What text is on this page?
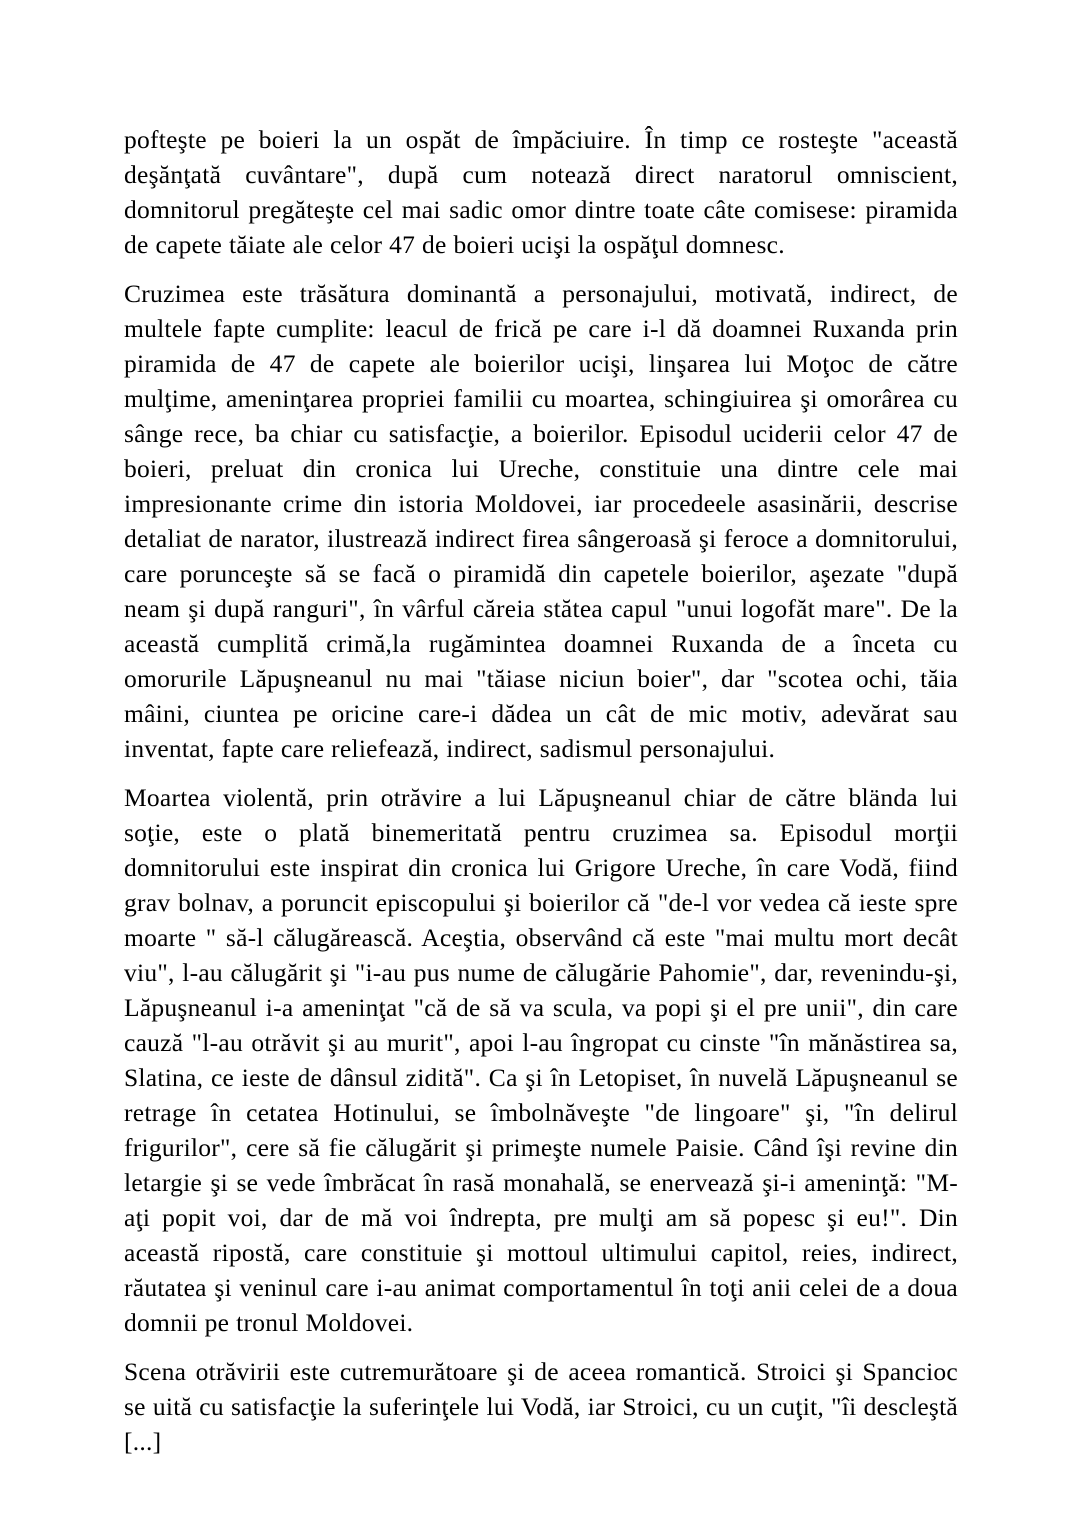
pofteşte pe boieri la un ospăt de împăciuire. În timp ce rosteşte "această deşănţată cuvântare", după cum notează direct naratorul omniscient, domnitorul pregăteşte cel mai sadic omor dintre toate câte comisese: piramida de capete tăiate ale celor 47 de boieri ucişi la ospăţul domnesc.

Cruzimea este trăsătura dominantă a personajului, motivată, indirect, de multele fapte cumplite: leacul de frică pe care i-l dă doamnei Ruxanda prin piramida de 47 de capete ale boierilor ucişi, linşarea lui Moţoc de către mulţime, ameninţarea propriei familii cu moartea, schingiuirea şi omorârea cu sânge rece, ba chiar cu satisfacţie, a boierilor. Episodul uciderii celor 47 de boieri, preluat din cronica lui Ureche, constituie una dintre cele mai impresionante crime din istoria Moldovei, iar procedeele asasinării, descrise detaliat de narator, ilustrează indirect firea sângeroasă şi feroce a domnitorului, care porunceşte să se facă o piramidă din capetele boierilor, aşezate "după neam şi după ranguri", în vârful căreia stătea capul "unui logofăt mare". De la această cumplită crimă,la rugămintea doamnei Ruxanda de a înceta cu omorurile Lăpuşneanul nu mai "tăiase niciun boier", dar "scotea ochi, tăia mâini, ciuntea pe oricine care-i dădea un cât de mic motiv, adevărat sau inventat, fapte care reliefează, indirect, sadismul personajului.

Moartea violentă, prin otrăvire a lui Lăpuşneanul chiar de către blända lui soţie, este o plată binemeritată pentru cruzimea sa. Episodul morţii domnitorului este inspirat din cronica lui Grigore Ureche, în care Vodă, fiind grav bolnav, a poruncit episcopului şi boierilor că "de-l vor vedea că ieste spre moarte " să-l călugărească. Aceştia, observând că este "mai multu mort decât viu", l-au călugărit şi "i-au pus nume de călugărie Pahomie", dar, revenindu-şi, Lăpuşneanul i-a ameninţat "că de să va scula, va popi şi el pre unii", din care cauză "l-au otrăvit şi au murit", apoi l-au îngropat cu cinste "în mănăstirea sa, Slatina, ce ieste de dânsul zidită". Ca şi în Letopiset, în nuvelă Lăpuşneanul se retrage în cetatea Hotinului, se îmbolnăveşte "de lingoare" şi, "în delirul frigurilor", cere să fie călugărit şi primeşte numele Paisie. Când îşi revine din letargie şi se vede îmbrăcat în rasă monahală, se enervează şi-i ameninţă: "M-aţi popit voi, dar de mă voi îndrepta, pre mulţi am să popesc şi eu!". Din această ripostă, care constituie şi mottoul ultimului capitol, reies, indirect, răutatea şi veninul care i-au animat comportamentul în toţi anii celei de a doua domnii pe tronul Moldovei.

Scena otrăvirii este cutremurătoare şi de aceea romantică. Stroici şi Spancioc se uită cu satisfacţie la suferinţele lui Vodă, iar Stroici, cu un cuţit, "îi descleştă [...]
